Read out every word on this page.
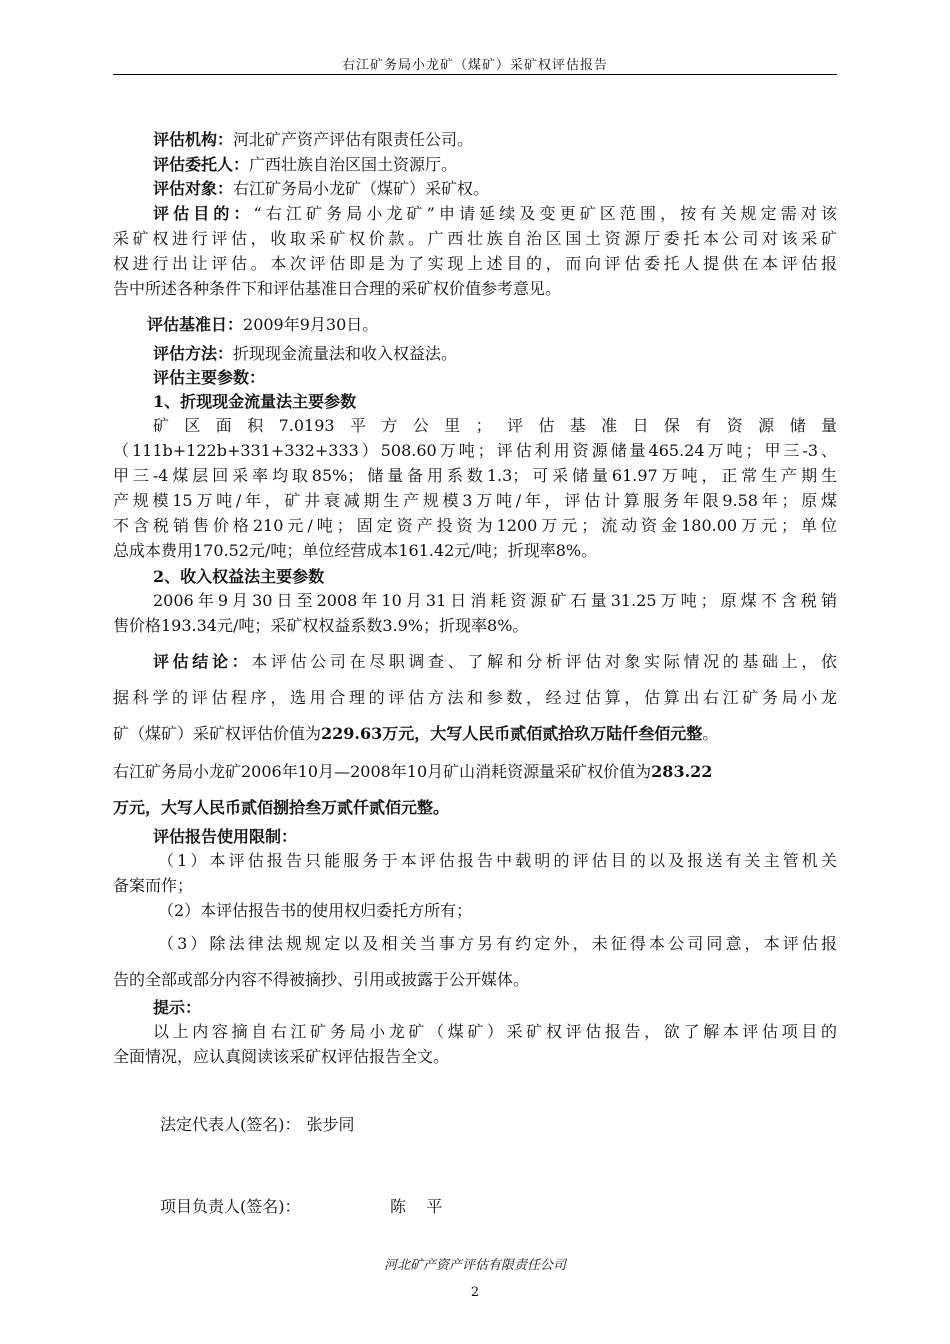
右江矿务局小龙矿（煤矿）采矿权评估报告
评估机构：河北矿产资产评估有限责任公司。
评估委托人：广西壮族自治区国土资源厅。
评估对象：右江矿务局小龙矿（煤矿）采矿权。
评估目的：“右江矿务局小龙矿”申请延续及变更矿区范围，按有关规定需对该
采矿权进行评估，收取采矿权价款。广西壮族自治区国土资源厅委托本公司对该采矿
权进行出让评估。本次评估即是为了实现上述目的，而向评估委托人提供在本评估报
告中所述各种条件下和评估基准日合理的采矿权价值参考意见。
评估基准日：2009年9月30日。
评估方法：折现现金流量法和收入权益法。
评估主要参数：
1、折现现金流量法主要参数
矿区面积7.0193平方公里；评估基准日保有资源储量
（111b+122b+331+332+333）508.60万吨；评估利用资源储量465.24万吨；甲三-3、
甲三-4煤层回采率均取85%；储量备用系数1.3；可采储量61.97万吨，正常生产期生
产规模15万吨/年，矿井衰减期生产规模3万吨/年，评估计算服务年限9.58年；原煤
不含税销售价格210元/吨；固定资产投资为1200万元；流动资金180.00万元；单位
总成本费用170.52元/吨；单位经营成本161.42元/吨；折现率8%。
2、收入权益法主要参数
2006年9月30日至2008年10月31日消耗资源矿石量31.25万吨；原煤不含税销
售价格193.34元/吨；采矿权权益系数3.9%；折现率8%。
评估结论：本评估公司在尽职调查、了解和分析评估对象实际情况的基础上，依
据科学的评估程序，选用合理的评估方法和参数，经过估算，估算出右江矿务局小龙
矿（煤矿）采矿权评估价值为229.63万元，大写人民币贰佰贰拾玖万陆仟叁佰元整。
右江矿务局小龙矿2006年10月—2008年10月矿山消耗资源量采矿权价值为283.22
万元，大写人民币贰佰捌拾叁万贰仟贰佰元整。
评估报告使用限制：
（1）本评估报告只能服务于本评估报告中载明的评估目的以及报送有关主管机关
备案而作；
（2）本评估报告书的使用权归委托方所有；
（3）除法律法规规定以及相关当事方另有约定外，未征得本公司同意，本评估报
告的全部或部分内容不得被摘抄、引用或披露于公开媒体。
提示：
以上内容摘自右江矿务局小龙矿（煤矿）采矿权评估报告，欲了解本评估项目的
全面情况，应认真阅读该采矿权评估报告全文。
法定代表人(签名)： 张步同
项目负责人(签名)：	陈    平
河北矿产资产评估有限责任公司
2
